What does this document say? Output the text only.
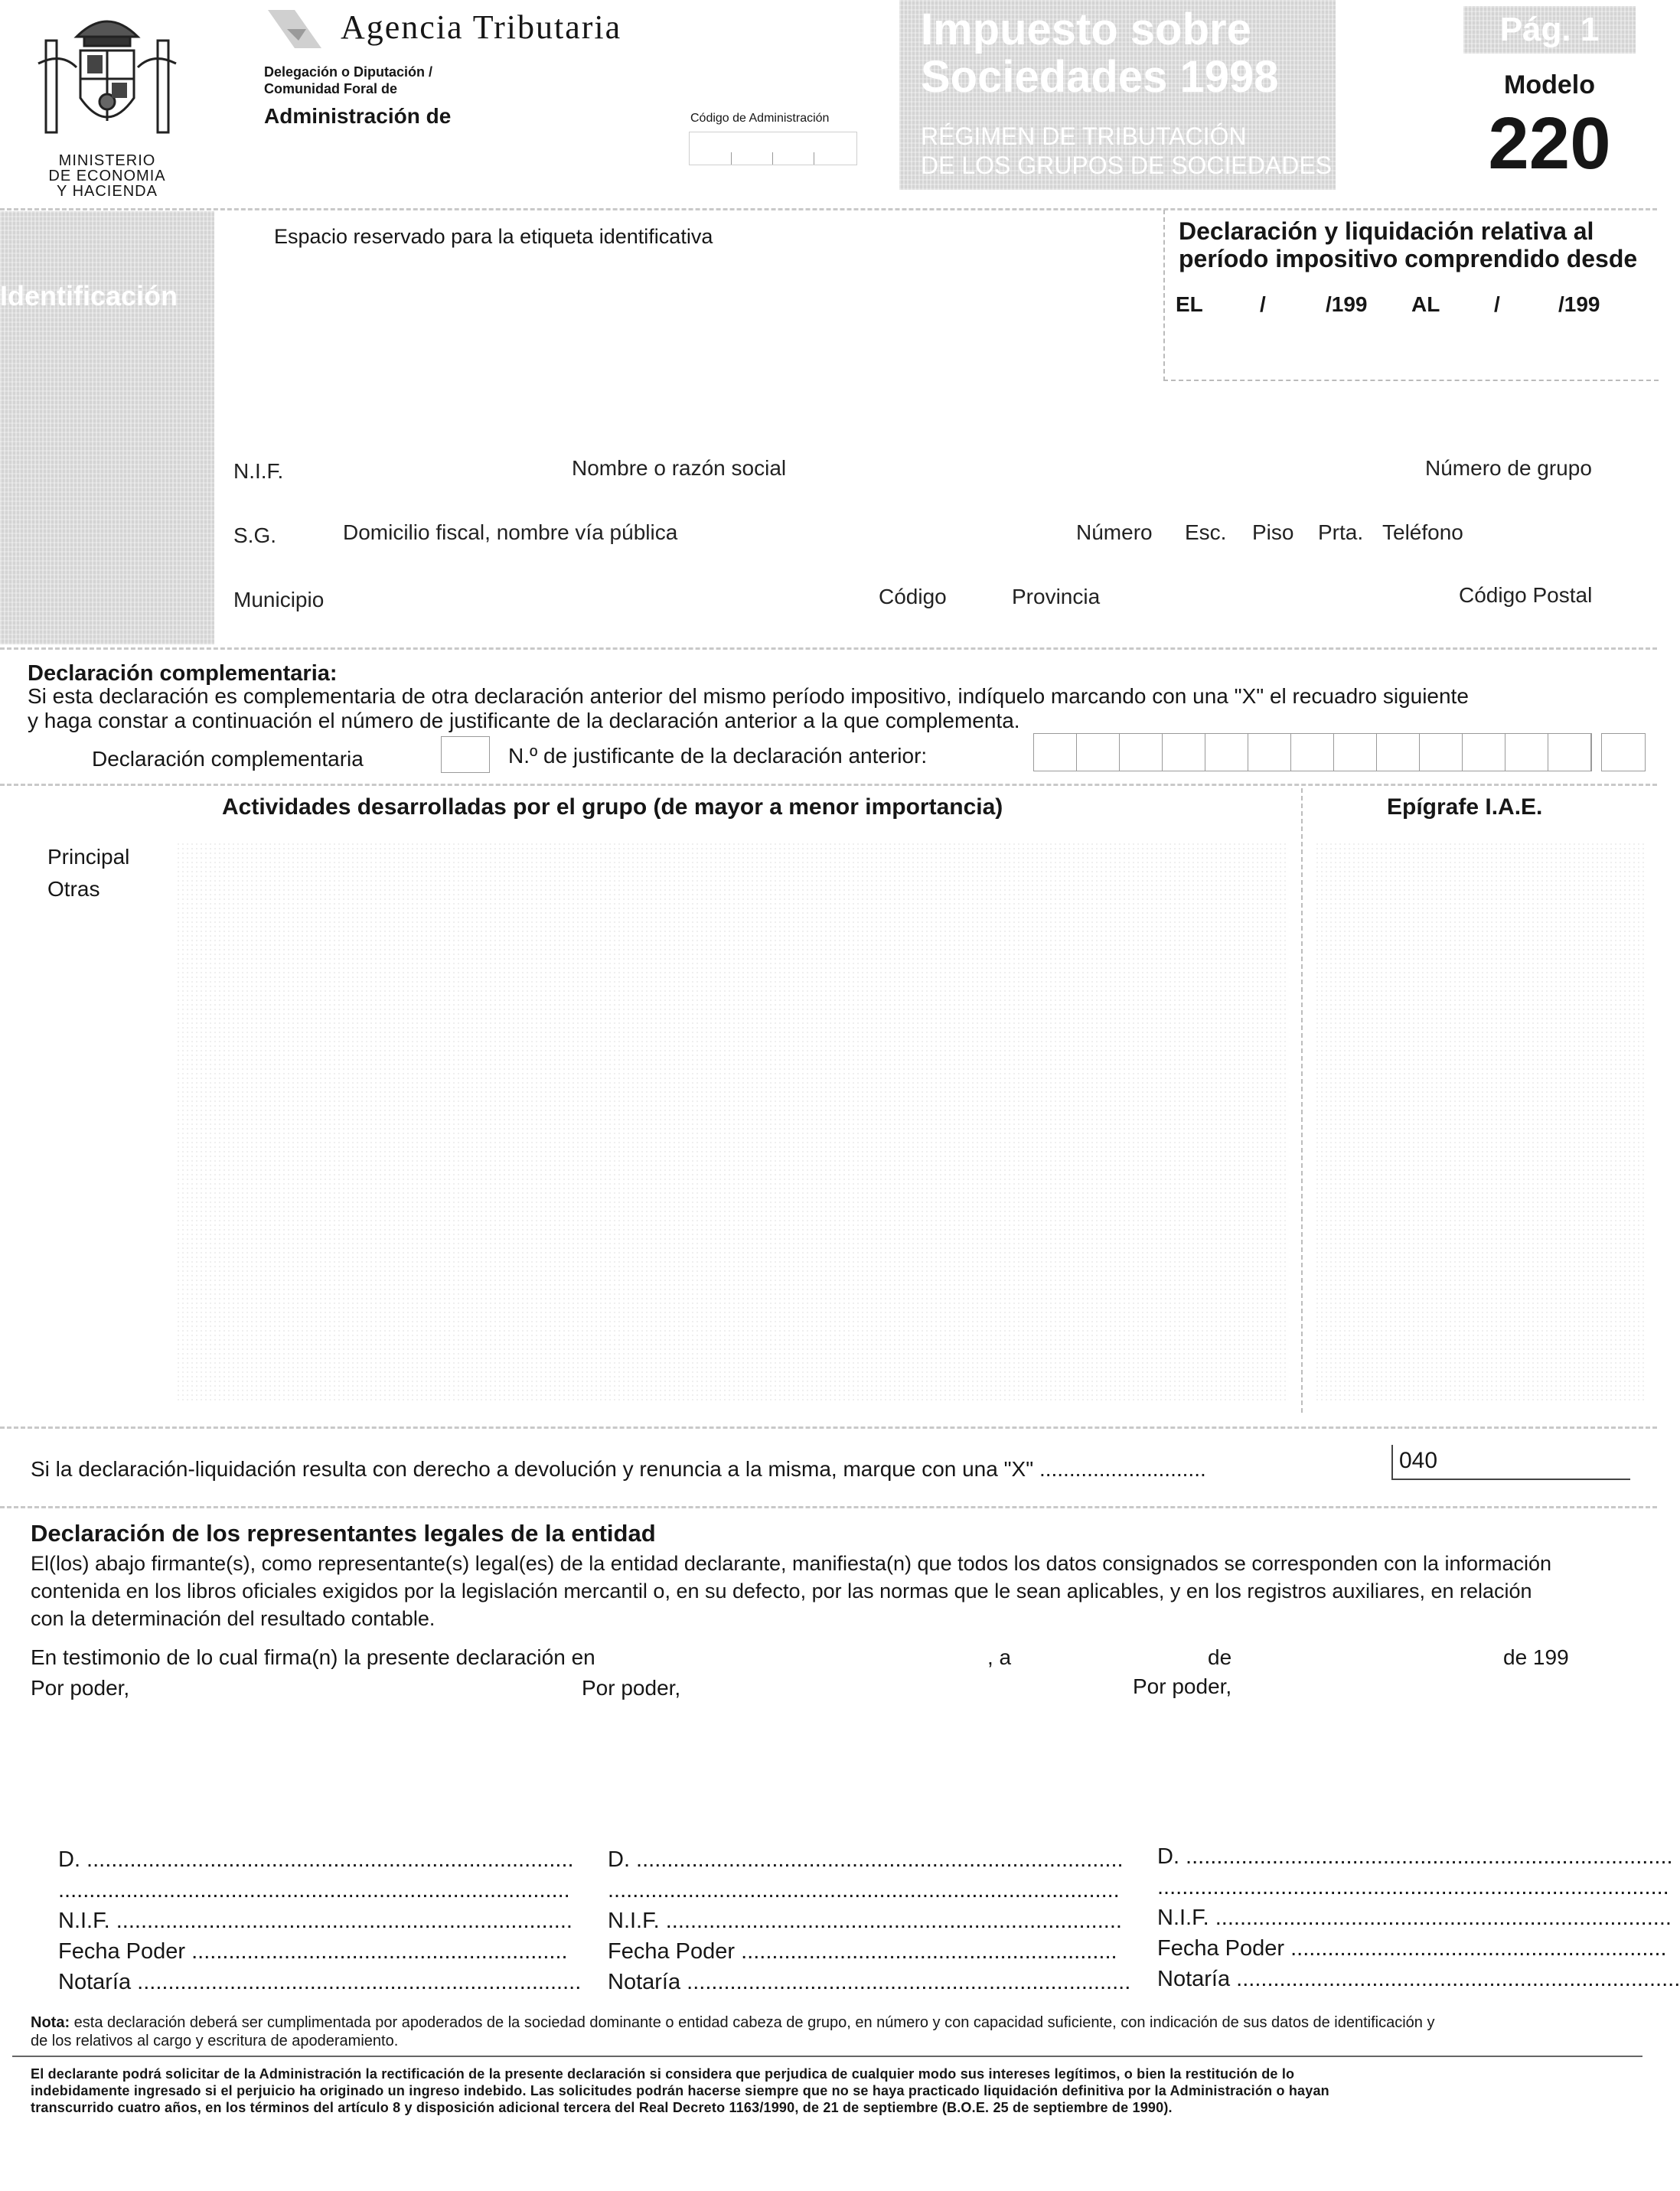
MINISTERIO
DE ECONOMIA
Y HACIENDA
Agencia Tributaria
Delegación o Diputación /
Comunidad Foral de
Administración de	Código de Administración
Impuesto sobre
Sociedades 1998
RÉGIMEN DE TRIBUTACIÓN
DE LOS GRUPOS DE SOCIEDADES
Pág. 1
Modelo
220
Identificación
Espacio reservado para la etiqueta identificativa	Declaración y liquidación relativa al
período impositivo comprendido desde
EL	/	/199 AL	/	/199
N.I.F.	Nombre o razón social	Número de grupo
S.G.	Domicilio fiscal, nombre vía pública	Número Esc. Piso Prta. Teléfono
Municipio	Código	Provincia	Código Postal
Declaración complementaria:
Si esta declaración es complementaria de otra declaración anterior del mismo período impositivo, indíquelo marcando con una "X" el recuadro siguiente
y haga constar a continuación el número de justificante de la declaración anterior a la que complementa.
Declaración complementaria	N.º de justificante de la declaración anterior:
Actividades desarrolladas por el grupo (de mayor a menor importancia)	Epígrafe I.A.E.
Principal
Otras
Si la declaración-liquidación resulta con derecho a devolución y renuncia a la misma, marque con una "X" ............................	040
Declaración de los representantes legales de la entidad
El(los) abajo firmante(s), como representante(s) legal(es) de la entidad declarante, manifiesta(n) que todos los datos consignados se corresponden con la información
contenida en los libros oficiales exigidos por la legislación mercantil o, en su defecto, por las normas que le sean aplicables, y en los registros auxiliares, en relación
con la determinación del resultado contable.
En testimonio de lo cual firma(n) la presente declaración en	, a	de	de 199
Por poder,	Por poder,	Por poder,
D. ...............................................................................
...................................................................................
N.I.F. ..........................................................................
Fecha Poder .............................................................
Notaría ........................................................................
D. ...............................................................................
...................................................................................
N.I.F. ..........................................................................
Fecha Poder .............................................................
Notaría ........................................................................
D. ...............................................................................
...................................................................................
N.I.F. ..........................................................................
Fecha Poder .............................................................
Notaría ........................................................................
Nota: esta declaración deberá ser cumplimentada por apoderados de la sociedad dominante o entidad cabeza de grupo, en número y con capacidad suficiente, con indicación de sus datos de identificación y
de los relativos al cargo y escritura de apoderamiento.
El declarante podrá solicitar de la Administración la rectificación de la presente declaración si considera que perjudica de cualquier modo sus intereses legítimos, o bien la restitución de lo
indebidamente ingresado si el perjuicio ha originado un ingreso indebido. Las solicitudes podrán hacerse siempre que no se haya practicado liquidación definitiva por la Administración o hayan
transcurrido cuatro años, en los términos del artículo 8 y disposición adicional tercera del Real Decreto 1163/1990, de 21 de septiembre (B.O.E. 25 de septiembre de 1990).
